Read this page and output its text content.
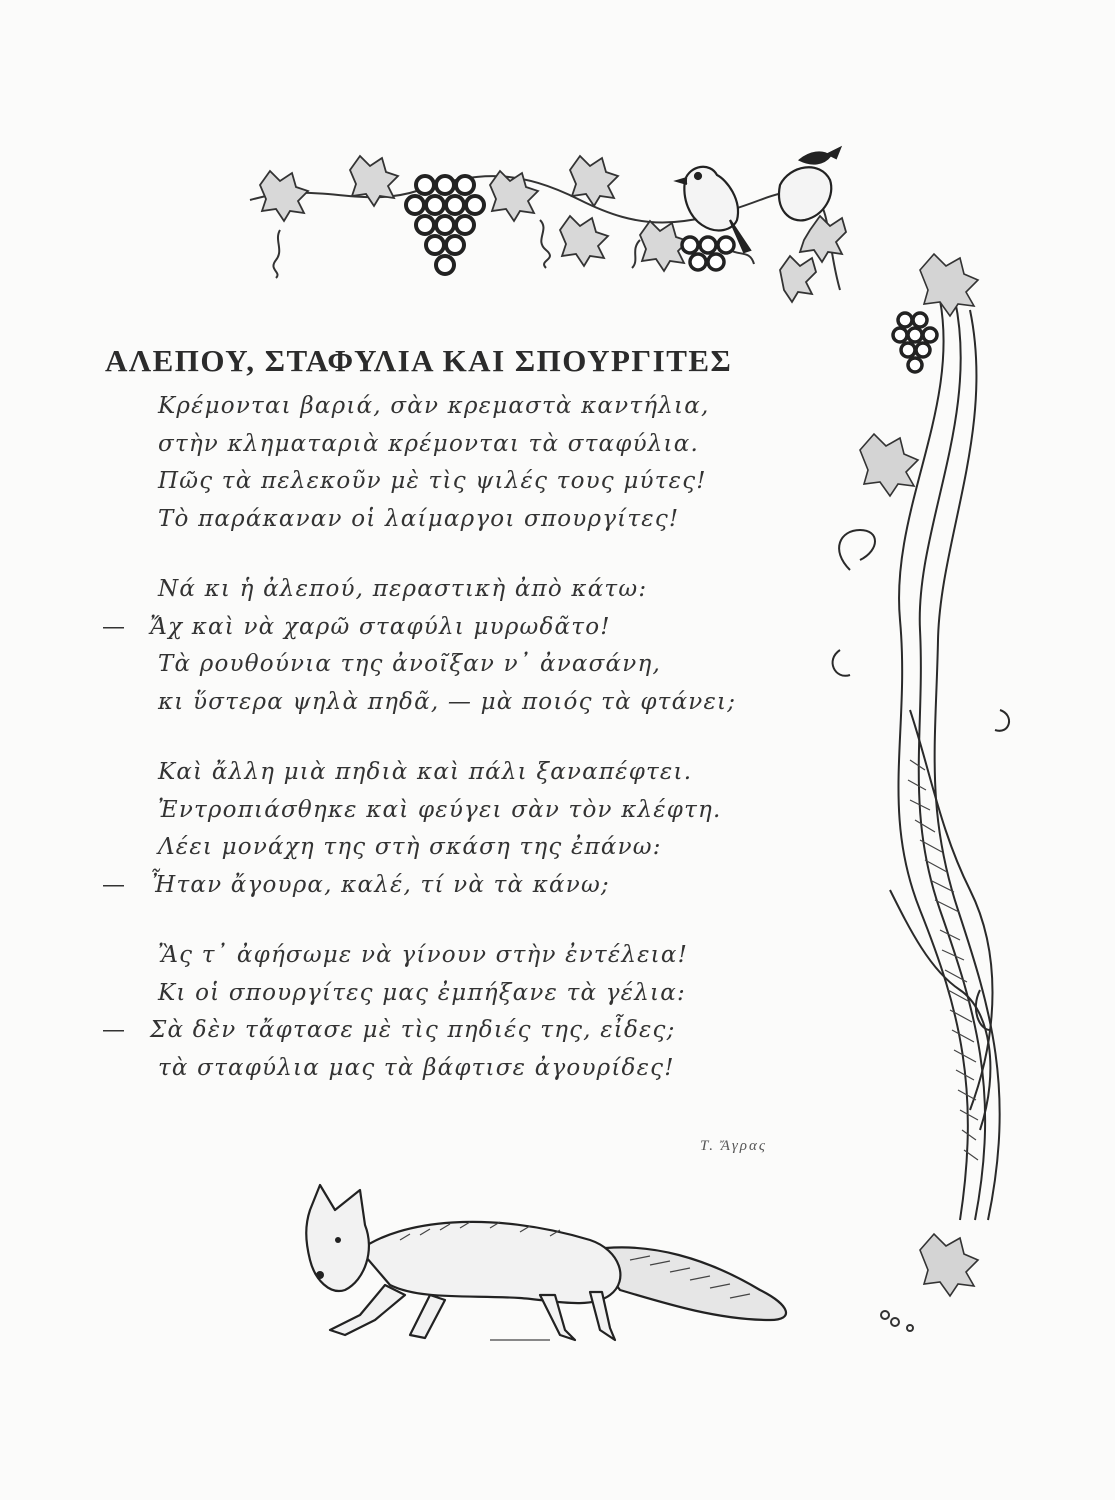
ΑΛΕΠΟΥ, ΣΤΑΦΥΛΙΑ ΚΑΙ ΣΠΟΥΡΓΙΤΕΣ
Κρέμονται βαριά, σὰν κρεμαστὰ καντήλια,
στὴν κληματαριὰ κρέμονται τὰ σταφύλια.
Πῶς τὰ πελεκοῦν μὲ τὶς ψιλές τους μύτες!
Τὸ παράκαναν οἱ λαίμαργοι σπουργίτες!
Νά κι ἡ ἀλεπού, περαστικὴ ἀπὸ κάτω:
— Ἄχ καὶ νὰ χαρῶ σταφύλι μυρωδᾶτο!
Τὰ ρουθούνια της ἀνοῖξαν ν᾿ ἀνασάνη,
κι ὕστερα ψηλὰ πηδᾶ, — μὰ ποιός τὰ φτάνει;
Καὶ ἄλλη μιὰ πηδιὰ καὶ πάλι ξαναπέφτει.
Ἐντροπιάσθηκε καὶ φεύγει σὰν τὸν κλέφτη.
Λέει μονάχη της στὴ σκάση της ἐπάνω:
— Ἦταν ἄγουρα, καλέ, τί νὰ τὰ κάνω;
Ἂς τ᾿ ἀφήσωμε νὰ γίνουν στὴν ἐντέλεια!
Κι οἱ σπουργίτες μας ἐμπήξανε τὰ γέλια:
— Σὰ δὲν τἄφτασε μὲ τὶς πηδιές της, εἶδες;
τὰ σταφύλια μας τὰ βάφτισε ἀγουρίδες!
Τ. Ἄγρας
